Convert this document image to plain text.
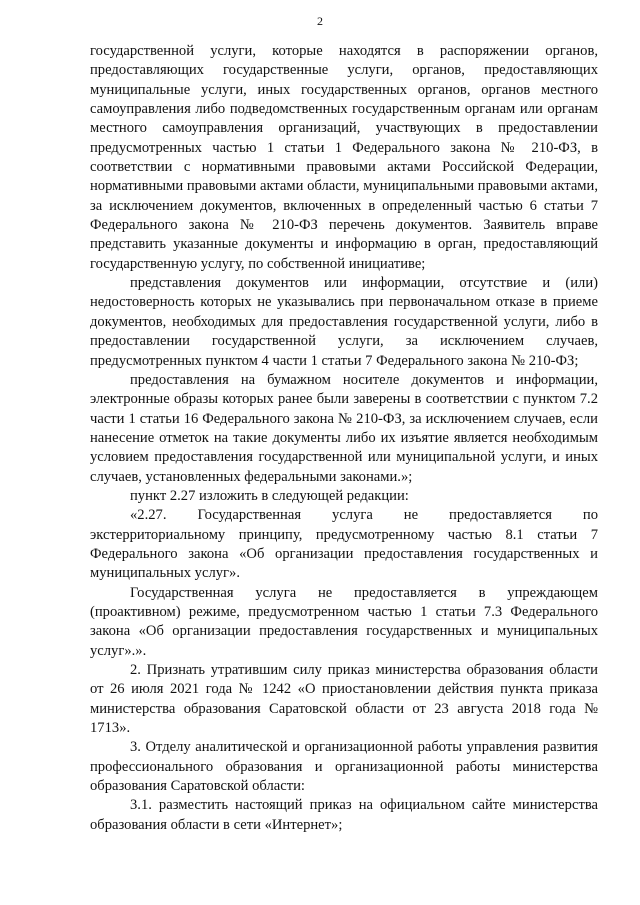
2

государственной услуги, которые находятся в распоряжении органов, предоставляющих государственные услуги, органов, предоставляющих муниципальные услуги, иных государственных органов, органов местного самоуправления либо подведомственных государственным органам или органам местного самоуправления организаций, участвующих в предоставлении предусмотренных частью 1 статьи 1 Федерального закона № 210-ФЗ, в соответствии с нормативными правовыми актами Российской Федерации, нормативными правовыми актами области, муниципальными правовыми актами, за исключением документов, включенных в определенный частью 6 статьи 7 Федерального закона № 210-ФЗ перечень документов. Заявитель вправе представить указанные документы и информацию в орган, предоставляющий государственную услугу, по собственной инициативе;

представления документов или информации, отсутствие и (или) недостоверность которых не указывались при первоначальном отказе в приеме документов, необходимых для предоставления государственной услуги, либо в предоставлении государственной услуги, за исключением случаев, предусмотренных пунктом 4 части 1 статьи 7 Федерального закона № 210-ФЗ;

предоставления на бумажном носителе документов и информации, электронные образы которых ранее были заверены в соответствии с пунктом 7.2 части 1 статьи 16 Федерального закона № 210-ФЗ, за исключением случаев, если нанесение отметок на такие документы либо их изъятие является необходимым условием предоставления государственной или муниципальной услуги, и иных случаев, установленных федеральными законами.»;

пункт 2.27 изложить в следующей редакции:

«2.27. Государственная услуга не предоставляется по экстерриториальному принципу, предусмотренному частью 8.1 статьи 7 Федерального закона «Об организации предоставления государственных и муниципальных услуг».

Государственная услуга не предоставляется в упреждающем (проактивном) режиме, предусмотренном частью 1 статьи 7.3 Федерального закона «Об организации предоставления государственных и муниципальных услуг».».

2. Признать утратившим силу приказ министерства образования области от 26 июля 2021 года № 1242 «О приостановлении действия пункта приказа министерства образования Саратовской области от 23 августа 2018 года № 1713».

3. Отделу аналитической и организационной работы управления развития профессионального образования и организационной работы министерства образования Саратовской области:

3.1. разместить настоящий приказ на официальном сайте министерства образования области в сети «Интернет»;
